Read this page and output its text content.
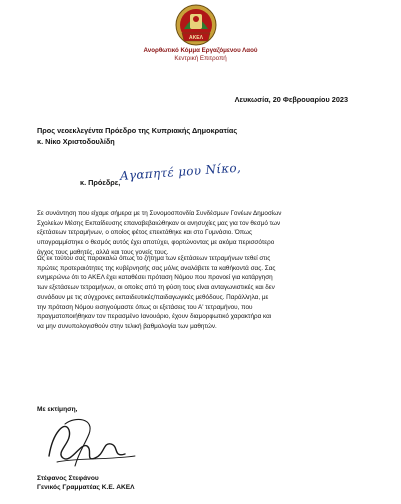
ΑΚΕΛ
Ανορθωτικό Κόμμα Εργαζόμενου Λαού
Κεντρική Επιτροπή
Λευκωσία, 20 Φεβρουαρίου 2023
Προς νεοεκλεγέντα Πρόεδρο της Κυπριακής Δημοκρατίας
κ. Νίκο Χριστοδουλίδη
κ. Πρόεδρε, Αγαπητέ μου Νίκο,
Σε συνάντηση που είχαμε σήμερα με τη Συνομοσπονδία Συνδέσμων Γονέων Δημοσίων
Σχολείων Μέσης Εκπαίδευσης επαναβεβαιώθηκαν οι ανησυχίες μας για τον θεσμό των
εξετάσεων τετραμήνων, ο οποίος φέτος επεκτάθηκε και στο Γυμνάσιο. Όπως
υπογραμμίστηκε ο θεσμός αυτός έχει αποτύχει, φορτώνοντας με ακόμα περισσότερο
άγχος τους μαθητές, αλλά και τους γονείς τους.
Ως εκ τούτου σας παρακαλώ όπως το ζήτημα των εξετάσεων τετραμήνων τεθεί στις
πρώτες προτεραιότητες της κυβέρνησής σας μόλις αναλάβετε τα καθήκοντά σας. Σας
ενημερώνω ότι το ΑΚΕΛ έχει καταθέσει πρόταση Νόμου που προνοεί για κατάργηση
των εξετάσεων τετραμήνων, οι οποίες από τη φύση τους είναι ανταγωνιστικές και δεν
συνάδουν με τις σύγχρονες εκπαιδευτικές/παιδαγωγικές μεθόδους. Παράλληλα, με
την πρόταση Νόμου εισηγούμαστε όπως οι εξετάσεις του Α' τετραμήνου, που
πραγματοποιήθηκαν τον περασμένο Ιανουάριο, έχουν διαμορφωτικό χαρακτήρα και
να μην συνυπολογισθούν στην τελική βαθμολογία των μαθητών.
Με εκτίμηση,
Στέφανος Στεφάνου
Γενικός Γραμματέας Κ.Ε. ΑΚΕΛ
